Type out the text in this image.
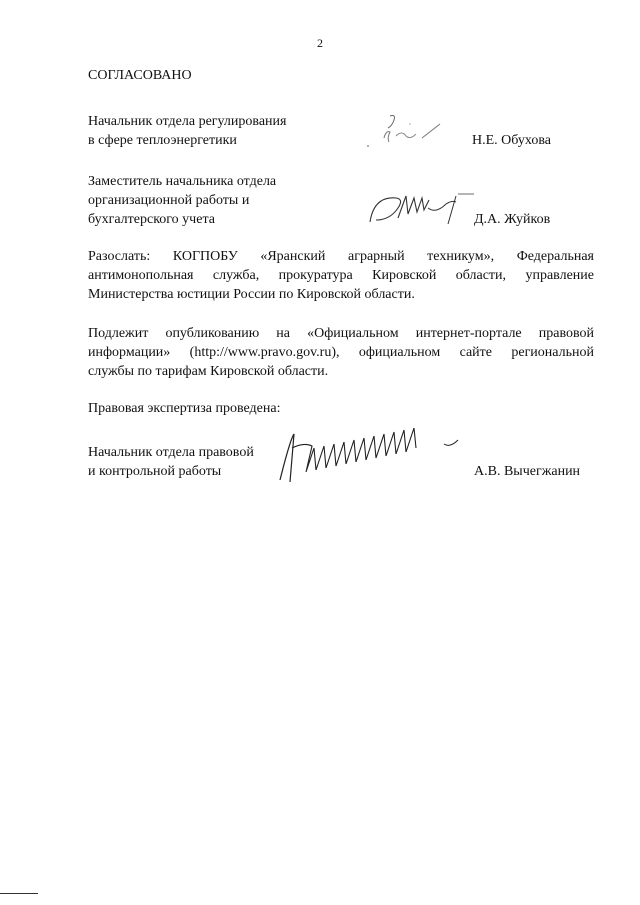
2
СОГЛАСОВАНО
Начальник отдела регулирования
в сфере теплоэнергетики	Н.Е. Обухова
Заместитель начальника отдела
организационной работы и
бухгалтерского учета	Д.А. Жуйков
Разослать: КОГПОБУ «Яранский аграрный техникум», Федеральная
антимонопольная служба, прокуратура Кировской области, управление
Министерства юстиции России по Кировской области.
Подлежит опубликованию на «Официальном интернет-портале правовой
информации» (http://www.pravo.gov.ru), официальном сайте региональной
службы по тарифам Кировской области.
Правовая экспертиза проведена:
Начальник отдела правовой
и контрольной работы	А.В. Вычегжанин
